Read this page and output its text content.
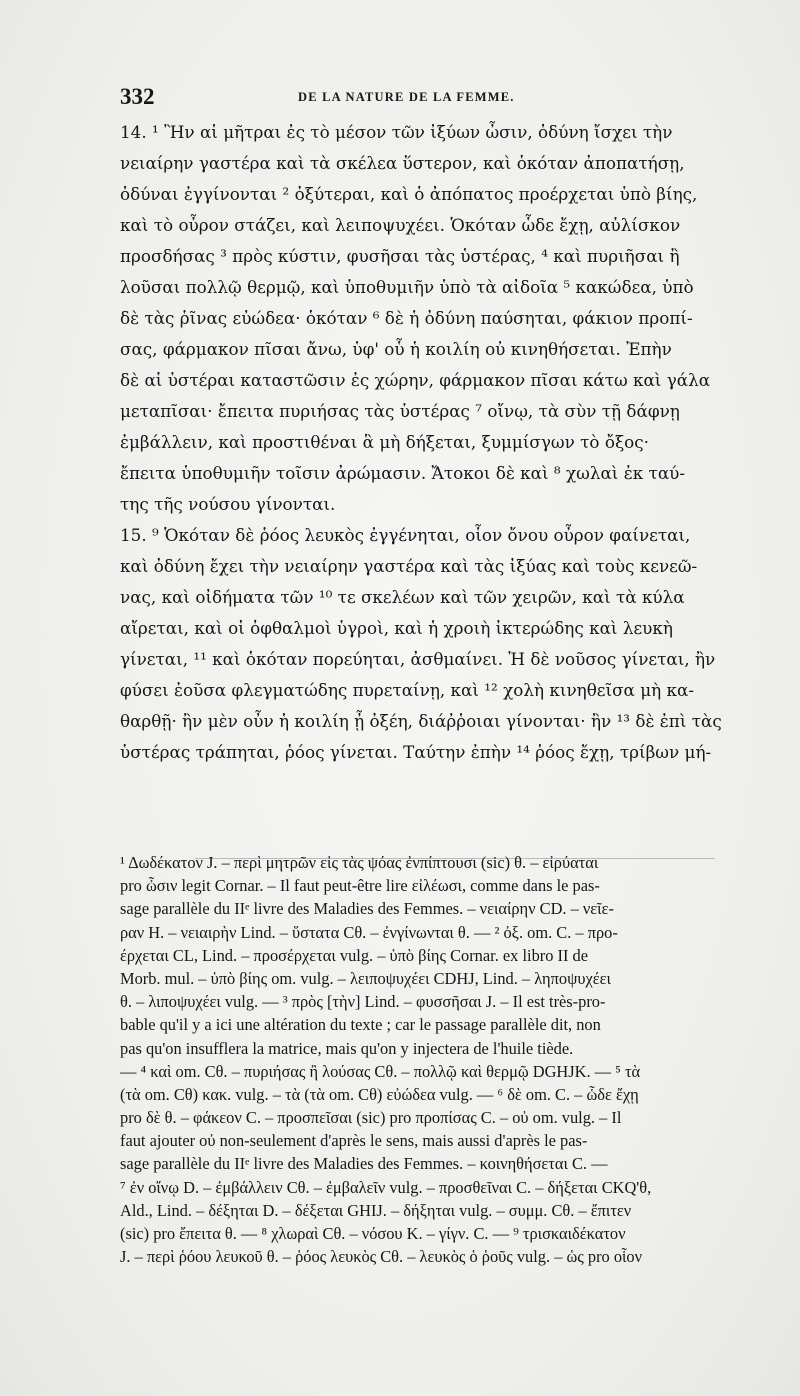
332	DE LA NATURE DE LA FEMME.
14. ¹ Ἢν αἱ μῆτραι ἐς τὸ μέσον τῶν ἰξύων ὦσιν, ὀδύνη ἴσχει τὴν
νειαίρην γαστέρα καὶ τὰ σκέλεα ὕστερον, καὶ ὁκόταν ἀποπατήσῃ,
ὀδύναι ἐγγίνονται ² ὀξύτεραι, καὶ ὁ ἀπόπατος προέρχεται ὑπὸ βίης,
καὶ τὸ οὖρον στάζει, καὶ λειποψυχέει. Ὁκόταν ὧδε ἔχῃ, αὐλίσκον
προσδήσας ³ πρὸς κύστιν, φυσῆσαι τὰς ὑστέρας, ⁴ καὶ πυριῆσαι ἢ
λοῦσαι πολλῷ θερμῷ, καὶ ὑποθυμιῆν ὑπὸ τὰ αἰδοῖα ⁵ κακώδεα, ὑπὸ
δὲ τὰς ῥῖνας εὐώδεα· ὁκόταν ⁶ δὲ ἡ ὀδύνη παύσηται, φάκιον προπί-
σας, φάρμακον πῖσαι ἄνω, ὑφ' οὗ ἡ κοιλίη οὐ κινηθήσεται. Ἐπὴν
δὲ αἱ ὑστέραι καταστῶσιν ἐς χώρην, φάρμακον πῖσαι κάτω καὶ γάλα
μεταπῖσαι· ἔπειτα πυριήσας τὰς ὑστέρας ⁷ οἴνῳ, τὰ σὺν τῇ δάφνῃ
ἐμβάλλειν, καὶ προστιθέναι ἃ μὴ δήξεται, ξυμμίσγων τὸ ὄξος·
ἔπειτα ὑποθυμιῆν τοῖσιν ἀρώμασιν. Ἄτοκοι δὲ καὶ ⁸ χωλαὶ ἐκ ταύ-
της τῆς νούσου γίνονται.
15. ⁹ Ὁκόταν δὲ ῥόος λευκὸς ἐγγένηται, οἷον ὄνου οὖρον φαίνεται,
καὶ ὀδύνη ἔχει τὴν νειαίρην γαστέρα καὶ τὰς ἰξύας καὶ τοὺς κενεῶ-
νας, καὶ οἰδήματα τῶν ¹⁰ τε σκελέων καὶ τῶν χειρῶν, καὶ τὰ κύλα
αἴρεται, καὶ οἱ ὀφθαλμοὶ ὑγροὶ, καὶ ἡ χροιὴ ἰκτερώδης καὶ λευκὴ
γίνεται, ¹¹ καὶ ὁκόταν πορεύηται, ἀσθμαίνει. Ἡ δὲ νοῦσος γίνεται, ἢν
φύσει ἐοῦσα φλεγματώδης πυρεταίνῃ, καὶ ¹² χολὴ κινηθεῖσα μὴ κα-
θαρθῇ· ἢν μὲν οὖν ἡ κοιλίη ᾖ ὀξέη, διάῤῥοιαι γίνονται· ἢν ¹³ δὲ ἐπὶ τὰς
ὑστέρας τράπηται, ῥόος γίνεται. Ταύτην ἐπὴν ¹⁴ ῥόος ἔχῃ, τρίβων μή-
¹ Δωδέκατον J. – περὶ μητρῶν εἰς τὰς ψόας ἐνπίπτουσι (sic) θ. – εἰρύαται
pro ὦσιν legit Cornar. – Il faut peut-être lire εἰλέωσι, comme dans le pas-
sage parallèle du IIᵉ livre des Maladies des Femmes. – νειαίρην CD. – νεῖε-
ραν H. – νειαιρὴν Lind. – ὕστατα Cθ. – ἐνγίνωνται θ. — ² ὀξ. om. C. – προ-
έρχεται CL, Lind. – προσέρχεται vulg. – ὑπὸ βίης Cornar. ex libro II de
Morb. mul. – ὑπὸ βίης om. vulg. – λειποψυχέει CDHJ, Lind. – ληποψυχέει
θ. – λιποψυχέει vulg. — ³ πρὸς [τὴν] Lind. – φυσσῆσαι J. – Il est très-pro-
bable qu'il y a ici une altération du texte ; car le passage parallèle dit, non
pas qu'on insufflera la matrice, mais qu'on y injectera de l'huile tiède.
— ⁴ καὶ om. Cθ. – πυριήσας ἢ λούσας Cθ. – πολλῷ καὶ θερμῷ DGHJK. — ⁵ τὰ
(τὰ om. Cθ) κακ. vulg. – τὰ (τὰ om. Cθ) εὐώδεα vulg. — ⁶ δὲ om. C. – ὧδε ἔχῃ
pro δὲ θ. – φάκεον C. – προσπεῖσαι (sic) pro προπίσας C. – οὐ om. vulg. – Il
faut ajouter οὐ non-seulement d'après le sens, mais aussi d'après le pas-
sage parallèle du IIᵉ livre des Maladies des Femmes. – κοινηθήσεται C. —
⁷ ἐν οἴνῳ D. – ἐμβάλλειν Cθ. – ἐμβαλεῖν vulg. – προσθεῖναι C. – δήξεται CKQ'θ,
Ald., Lind. – δέξηται D. – δέξεται GHIJ. – δήξηται vulg. – συμμ. Cθ. – ἔπιτεν
(sic) pro ἔπειτα θ. — ⁸ χλωραὶ Cθ. – νόσου K. – γίγν. C. — ⁹ τρισκαιδέκατον
J. – περὶ ῥόου λευκοῦ θ. – ῥόος λευκὸς Cθ. – λευκὸς ὁ ῥοῦς vulg. – ὡς pro οἷον
